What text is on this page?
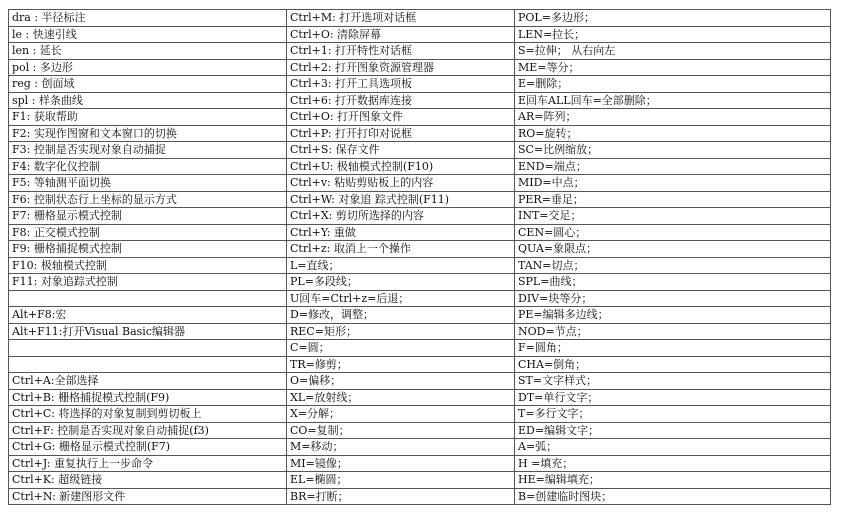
dra : 半径标注	Ctrl+M: 打开选项对话框	POL=多边形；
le : 快速引线	Ctrl+O: 清除屏幕	LEN=拉长；
len : 延长	Ctrl+1: 打开特性对话框	S=拉伸； 从右向左
pol : 多边形	Ctrl+2: 打开图象资源管理器	ME=等分；
reg : 创面域	Ctrl+3: 打开工具选项板	E=删除；
spl : 样条曲线	Ctrl+6: 打开数据库连接	E回车ALL回车=全部删除；
F1: 获取帮助	Ctrl+O: 打开图象文件	AR=阵列；
F2: 实现作图窗和文本窗口的切换	Ctrl+P: 打开打印对说框	RO=旋转；
F3: 控制是否实现对象自动捕捉	Ctrl+S: 保存文件	SC=比例缩放；
F4: 数字化仪控制	Ctrl+U: 极轴模式控制(F10)	END=端点；
F5: 等轴测平面切换	Ctrl+v: 粘贴剪贴板上的内容	MID=中点；
F6: 控制状态行上坐标的显示方式	Ctrl+W: 对象追 踪式控制(F11)	PER=垂足；
F7: 栅格显示模式控制	Ctrl+X: 剪切所选择的内容	INT=交足；
F8: 正交模式控制	Ctrl+Y: 重做	CEN=圆心；
F9: 栅格捕捉模式控制	Ctrl+z: 取消上一个操作	QUA=象限点；
F10: 极轴模式控制	L=直线；	TAN=切点；
F11: 对象追踪式控制	PL=多段线；	SPL=曲线；
	U回车=Ctrl+z=后退；	DIV=块等分；
Alt+F8:宏	D=修改，调整；	PE=编辑多边线；
Alt+F11:打开Visual Basic编辑器	REC=矩形；	NOD=节点；
	C=圆；	F=圆角；
	TR=修剪；	CHA=倒角；
Ctrl+A:全部选择	O=偏移；	ST=文字样式；
Ctrl+B: 栅格捕捉模式控制(F9)	XL=放射线；	DT=单行文字；
Ctrl+C: 将选择的对象复制到剪切板上	X=分解；	T=多行文字；
Ctrl+F: 控制是否实现对象自动捕捉(f3)	CO=复制；	ED=编辑文字；
Ctrl+G: 栅格显示模式控制(F7)	M=移动；	A=弧；
Ctrl+J: 重复执行上一步命令	MI=镜像；	H =填充；
Ctrl+K: 超级链接	EL=椭圆；	HE=编辑填充；
Ctrl+N: 新建图形文件	BR=打断；	B=创建临时图块；
